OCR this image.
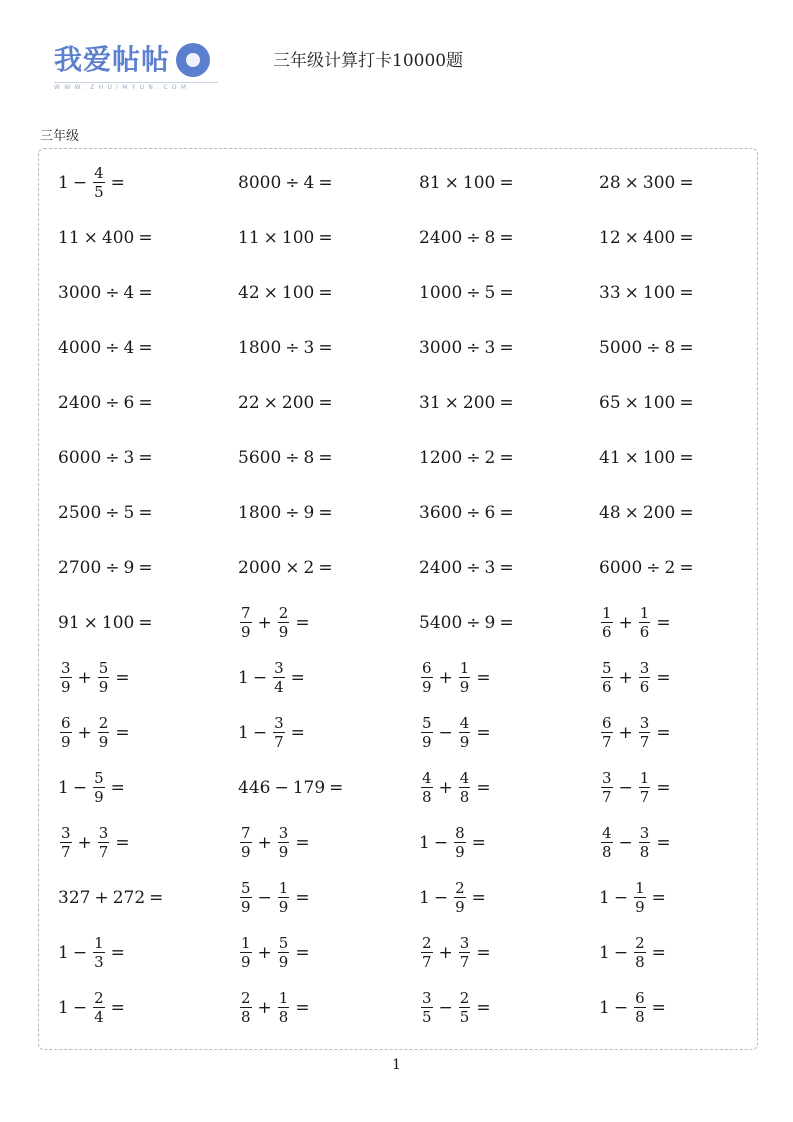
我爱帖帖
WWW.ZHUIMYUN.COM
三年级计算打卡10000题
三年级
$1 - \frac{4}{5}$ =	8000 ÷ 4 =	81 × 100 =	28 × 300 =
11 × 400 =	11 × 100 =	2400 ÷ 8 =	12 × 400 =
3000 ÷ 4 =	42 × 100 =	1000 ÷ 5 =	33 × 100 =
4000 ÷ 4 =	1800 ÷ 3 =	3000 ÷ 3 =	5000 ÷ 8 =
2400 ÷ 6 =	22 × 200 =	31 × 200 =	65 × 100 =
6000 ÷ 3 =	5600 ÷ 8 =	1200 ÷ 2 =	41 × 100 =
2500 ÷ 5 =	1800 ÷ 9 =	3600 ÷ 6 =	48 × 200 =
2700 ÷ 9 =	2000 × 2 =	2400 ÷ 3 =	6000 ÷ 2 =
91 × 100 =	$\frac{7}{9} + \frac{2}{9}$ =	5400 ÷ 9 =	$\frac{1}{6} + \frac{1}{6}$ =
$\frac{3}{9} + \frac{5}{9}$ =	$1 - \frac{3}{4}$ =	$\frac{6}{9} + \frac{1}{9}$ =	$\frac{5}{6} + \frac{3}{6}$ =
$\frac{6}{9} + \frac{2}{9}$ =	$1 - \frac{3}{7}$ =	$\frac{5}{9} - \frac{4}{9}$ =	$\frac{6}{7} + \frac{3}{7}$ =
$1 - \frac{5}{9}$ =	446 − 179 =	$\frac{4}{8} + \frac{4}{8}$ =	$\frac{3}{7} - \frac{1}{7}$ =
$\frac{3}{7} + \frac{3}{7}$ =	$\frac{7}{9} + \frac{3}{9}$ =	$1 - \frac{8}{9}$ =	$\frac{4}{8} - \frac{3}{8}$ =
327 + 272 =	$\frac{5}{9} - \frac{1}{9}$ =	$1 - \frac{2}{9}$ =	$1 - \frac{1}{9}$ =
$1 - \frac{1}{3}$ =	$\frac{1}{9} + \frac{5}{9}$ =	$\frac{2}{7} + \frac{3}{7}$ =	$1 - \frac{2}{8}$ =
$1 - \frac{2}{4}$ =	$\frac{2}{8} + \frac{1}{8}$ =	$\frac{3}{5} - \frac{2}{5}$ =	$1 - \frac{6}{8}$ =
1
